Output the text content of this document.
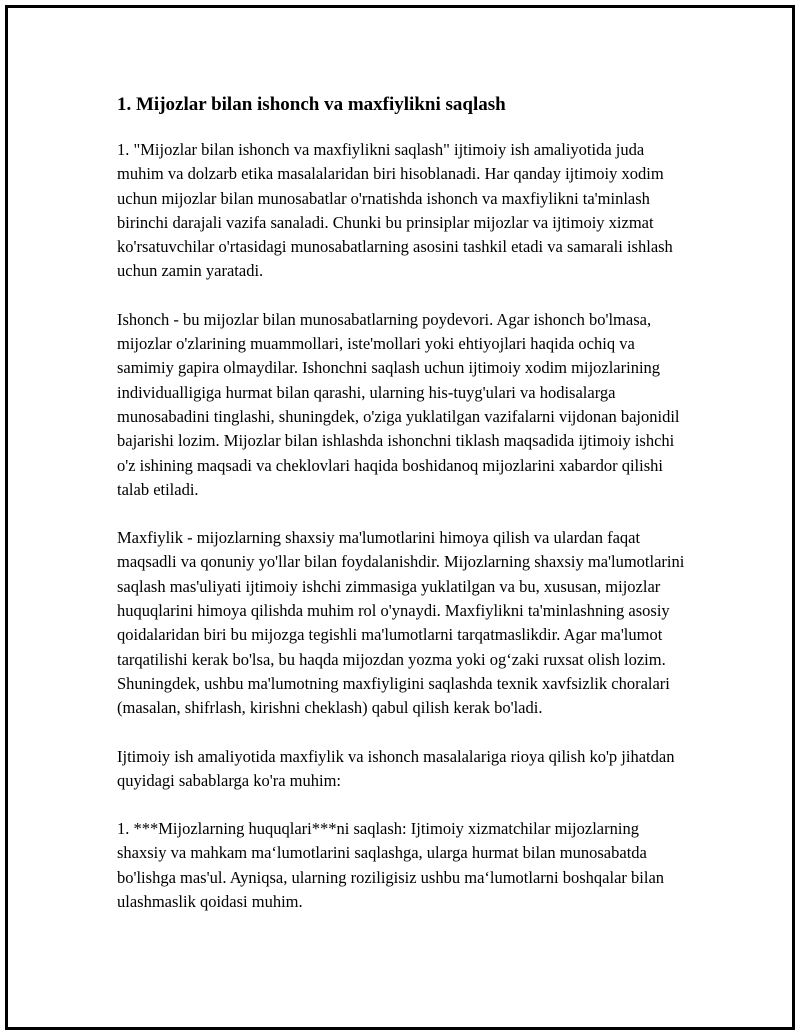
1. Mijozlar bilan ishonch va maxfiylikni saqlash

1. "Mijozlar bilan ishonch va maxfiylikni saqlash" ijtimoiy ish amaliyotida juda muhim va dolzarb etika masalalaridan biri hisoblanadi. Har qanday ijtimoiy xodim uchun mijozlar bilan munosabatlar o'rnatishda ishonch va maxfiylikni ta'minlash birinchi darajali vazifa sanaladi. Chunki bu prinsiplar mijozlar va ijtimoiy xizmat ko'rsatuvchilar o'rtasidagi munosabatlarning asosini tashkil etadi va samarali ishlash uchun zamin yaratadi.

Ishonch - bu mijozlar bilan munosabatlarning poydevori. Agar ishonch bo'lmasa, mijozlar o'zlarining muammollari, iste'mollari yoki ehtiyojlari haqida ochiq va samimiy gapira olmaydilar. Ishonchni saqlash uchun ijtimoiy xodim mijozlarining individualligiga hurmat bilan qarashi, ularning his-tuyg'ulari va hodisalarga munosabadini tinglashi, shuningdek, o'ziga yuklatilgan vazifalarni vijdonan bajonidil bajarishi lozim. Mijozlar bilan ishlashda ishonchni tiklash maqsadida ijtimoiy ishchi o'z ishining maqsadi va cheklovlari haqida boshidanoq mijozlarini xabardor qilishi talab etiladi.

Maxfiylik - mijozlarning shaxsiy ma'lumotlarini himoya qilish va ulardan faqat maqsadli va qonuniy yo'llar bilan foydalanishdir. Mijozlarning shaxsiy ma'lumotlarini saqlash mas'uliyati ijtimoiy ishchi zimmasiga yuklatilgan va bu, xususan, mijozlar huquqlarini himoya qilishda muhim rol o'ynaydi. Maxfiylikni ta'minlashning asosiy qoidalaridan biri bu mijozga tegishli ma'lumotlarni tarqatmaslikdir. Agar ma'lumot tarqatilishi kerak bo'lsa, bu haqda mijozdan yozma yoki og‘zaki ruxsat olish lozim. Shuningdek, ushbu ma'lumotning maxfiyligini saqlashda texnik xavfsizlik choralari (masalan, shifrlash, kirishni cheklash) qabul qilish kerak bo'ladi.

Ijtimoiy ish amaliyotida maxfiylik va ishonch masalalariga rioya qilish ko'p jihatdan quyidagi sabablarga ko'ra muhim:

1. ***Mijozlarning huquqlari***ni saqlash: Ijtimoiy xizmatchilar mijozlarning shaxsiy va mahkam ma‘lumotlarini saqlashga, ularga hurmat bilan munosabatda bo'lishga mas'ul. Ayniqsa, ularning roziligisiz ushbu ma‘lumotlarni boshqalar bilan ulashmaslik qoidasi muhim.
